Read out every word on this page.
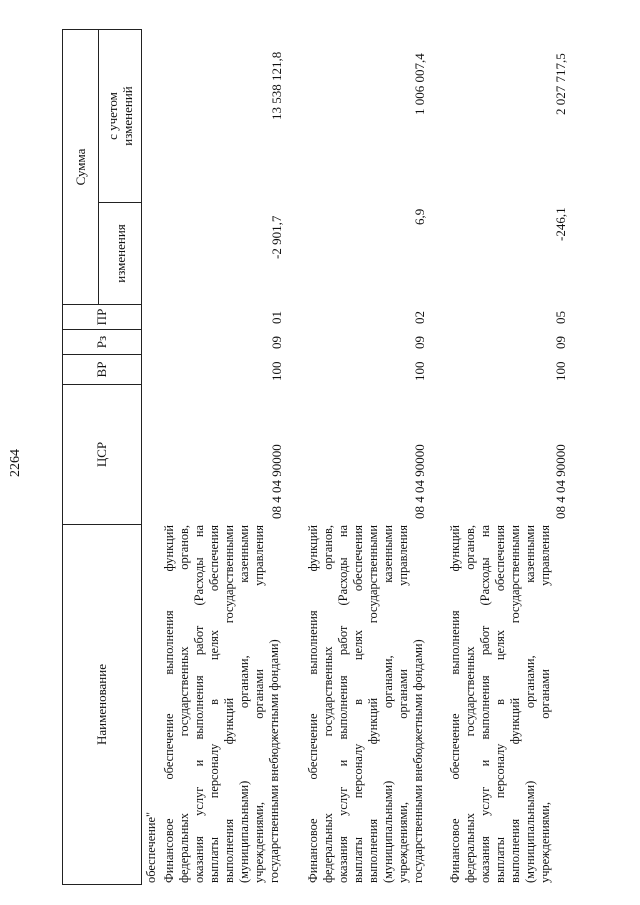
2264
Наименование
ЦСР
ВР
Рз
ПР
Сумма
изменения
с учетом изменений
обеспечение" Финансовое обеспечение выполнения функций федеральных государственных органов, оказания услуг и выполнения работ (Расходы на выплаты персоналу в целях обеспечения выполнения функций государственными (муниципальными) органами, казенными учреждениями, органами управления государственными внебюджетными фондами)
08 4 04 90000
100
09
01
-2 901,7
13 538 121,8
Финансовое обеспечение выполнения функций федеральных государственных органов, оказания услуг и выполнения работ (Расходы на выплаты персоналу в целях обеспечения выполнения функций государственными (муниципальными) органами, казенными учреждениями, органами управления государственными внебюджетными фондами)
08 4 04 90000
100
09
02
6,9
1 006 007,4
Финансовое обеспечение выполнения функций федеральных государственных органов, оказания услуг и выполнения работ (Расходы на выплаты персоналу в целях обеспечения выполнения функций государственными (муниципальными) органами, казенными учреждениями, органами управления
08 4 04 90000
100
09
05
-246,1
2 027 717,5
